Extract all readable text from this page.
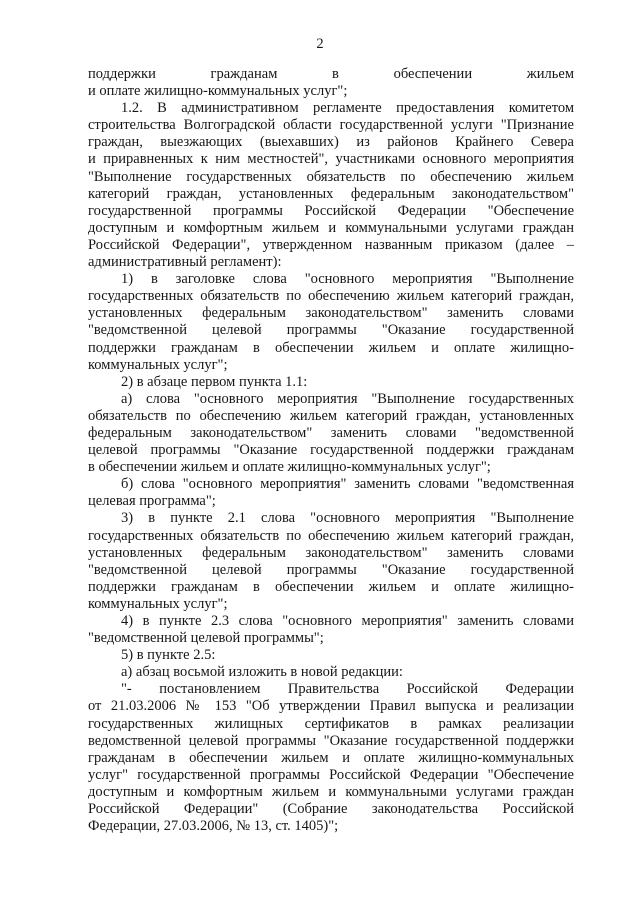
2
поддержки гражданам в обеспечении жильем
и оплате жилищно-коммунальных услуг";
1.2. В административном регламенте предоставления комитетом
строительства Волгоградской области государственной услуги "Признание
граждан, выезжающих (выехавших) из районов Крайнего Севера
и приравненных к ним местностей", участниками основного мероприятия
"Выполнение государственных обязательств по обеспечению жильем
категорий граждан, установленных федеральным законодательством"
государственной программы Российской Федерации "Обеспечение
доступным и комфортным жильем и коммунальными услугами граждан
Российской Федерации", утвержденном названным приказом (далее –
административный регламент):
1) в заголовке слова "основного мероприятия "Выполнение
государственных обязательств по обеспечению жильем категорий граждан,
установленных федеральным законодательством" заменить словами
"ведомственной целевой программы "Оказание государственной
поддержки гражданам в обеспечении жильем и оплате жилищно-
коммунальных услуг";
2) в абзаце первом пункта 1.1:
а) слова "основного мероприятия "Выполнение государственных
обязательств по обеспечению жильем категорий граждан, установленных
федеральным законодательством" заменить словами "ведомственной
целевой программы "Оказание государственной поддержки гражданам
в обеспечении жильем и оплате жилищно-коммунальных услуг";
б) слова "основного мероприятия" заменить словами "ведомственная
целевая программа";
3) в пункте 2.1 слова "основного мероприятия "Выполнение
государственных обязательств по обеспечению жильем категорий граждан,
установленных федеральным законодательством" заменить словами
"ведомственной целевой программы "Оказание государственной
поддержки гражданам в обеспечении жильем и оплате жилищно-
коммунальных услуг";
4) в пункте 2.3 слова "основного мероприятия" заменить словами
"ведомственной целевой программы";
5) в пункте 2.5:
а) абзац восьмой изложить в новой редакции:
"- постановлением Правительства Российской Федерации
от 21.03.2006 № 153 "Об утверждении Правил выпуска и реализации
государственных жилищных сертификатов в рамках реализации
ведомственной целевой программы "Оказание государственной поддержки
гражданам в обеспечении жильем и оплате жилищно-коммунальных
услуг" государственной программы Российской Федерации "Обеспечение
доступным и комфортным жильем и коммунальными услугами граждан
Российской Федерации" (Собрание законодательства Российской
Федерации, 27.03.2006, № 13, ст. 1405)";
